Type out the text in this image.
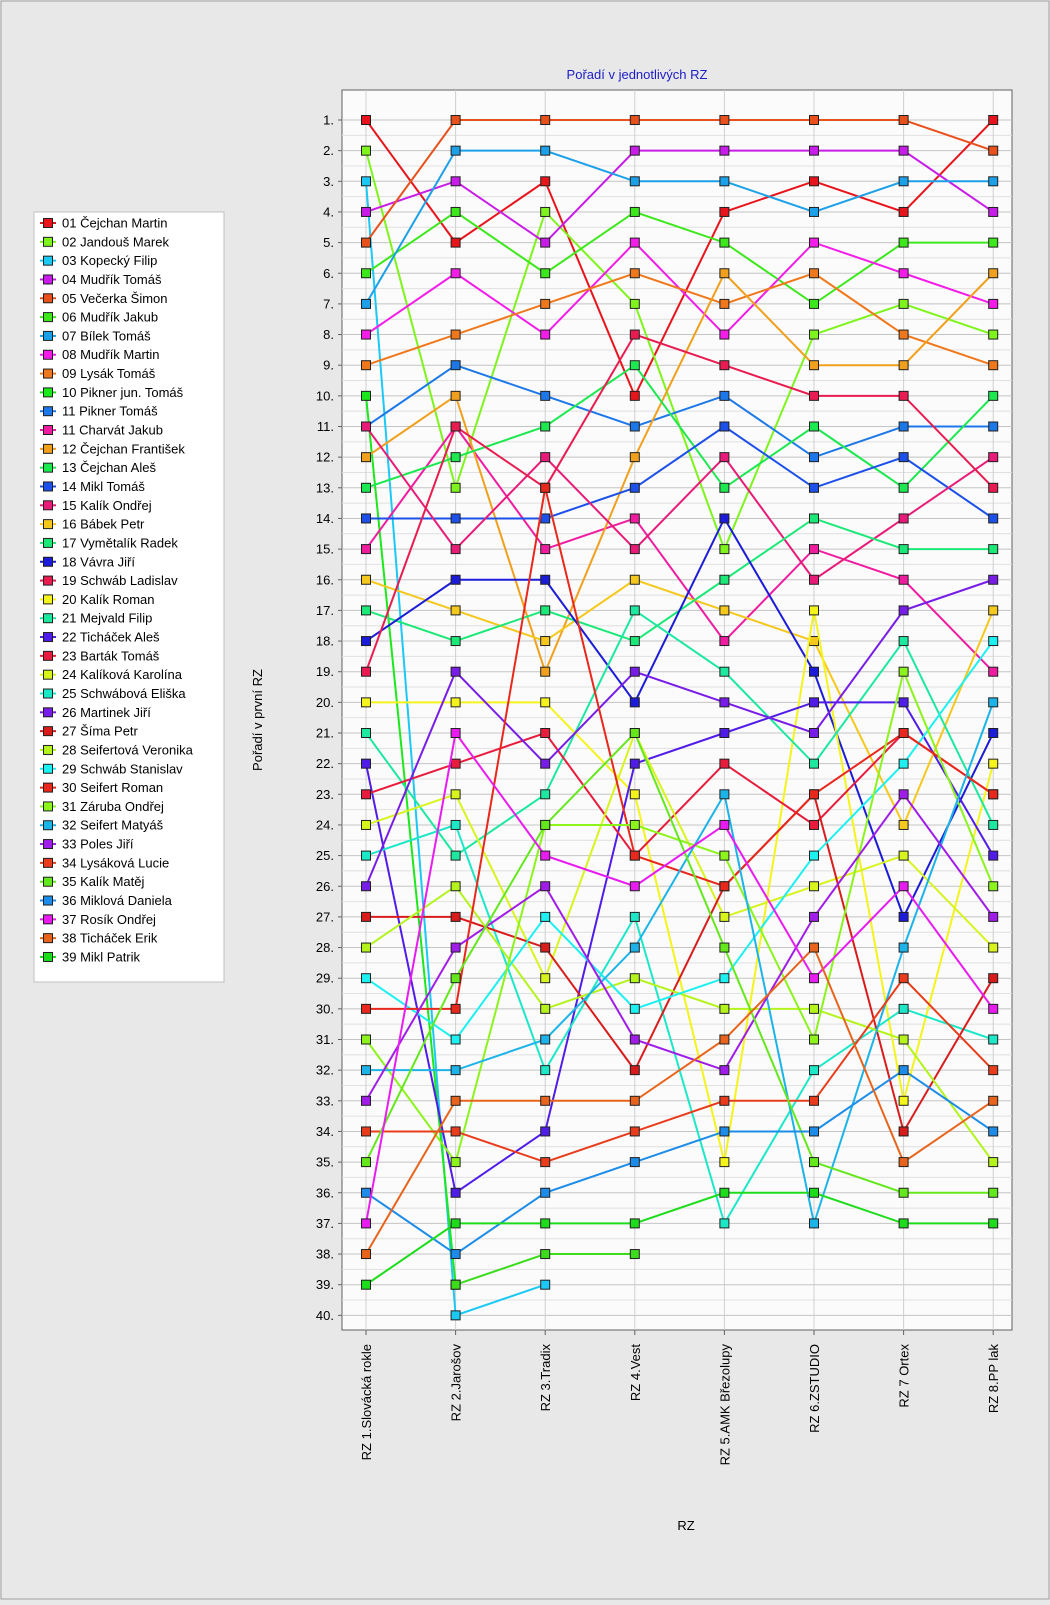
Pořadí v jednotlivých RZ
Pořadí v první RZ
RZ
1.
2.
3.
4.
5.
6.
7.
8.
9.
10.
11.
12.
13.
14.
15.
16.
17.
18.
19.
20.
21.
22.
23.
24.
25.
26.
27.
28.
29.
30.
31.
32.
33.
34.
35.
36.
37.
38.
39.
40.
RZ 1.Slovácká rokle	RZ 2.Jarošov	RZ 3.Tradix	RZ 4.Vest	RZ 5.AMK Březolupy	RZ 6.ZSTUDIO	RZ 7 Ortex	RZ 8.PP lak
01 Čejchan Martin
02 Jandouš Marek
03 Kopecký Filip
04 Mudřík Tomáš
05 Večerka Šimon
06 Mudřík Jakub
07 Bílek Tomáš
08 Mudřík Martin
09 Lysák Tomáš
10 Pikner jun. Tomáš
11 Pikner Tomáš
11 Charvát Jakub
12 Čejchan František
13 Čejchan Aleš
14 Mikl Tomáš
15 Kalík Ondřej
16 Bábek Petr
17 Vymětalík Radek
18 Vávra Jiří
19 Schwáb Ladislav
20 Kalík Roman
21 Mejvald Filip
22 Ticháček Aleš
23 Barták Tomáš
24 Kalíková Karolína
25 Schwábová Eliška
26 Martinek Jiří
27 Šíma Petr
28 Seifertová Veronika
29 Schwáb Stanislav
30 Seifert Roman
31 Záruba Ondřej
32 Seifert Matyáš
33 Poles Jiří
34 Lysáková Lucie
35 Kalík Matěj
36 Miklová Daniela
37 Rosík Ondřej
38 Ticháček Erik
39 Mikl Patrik
